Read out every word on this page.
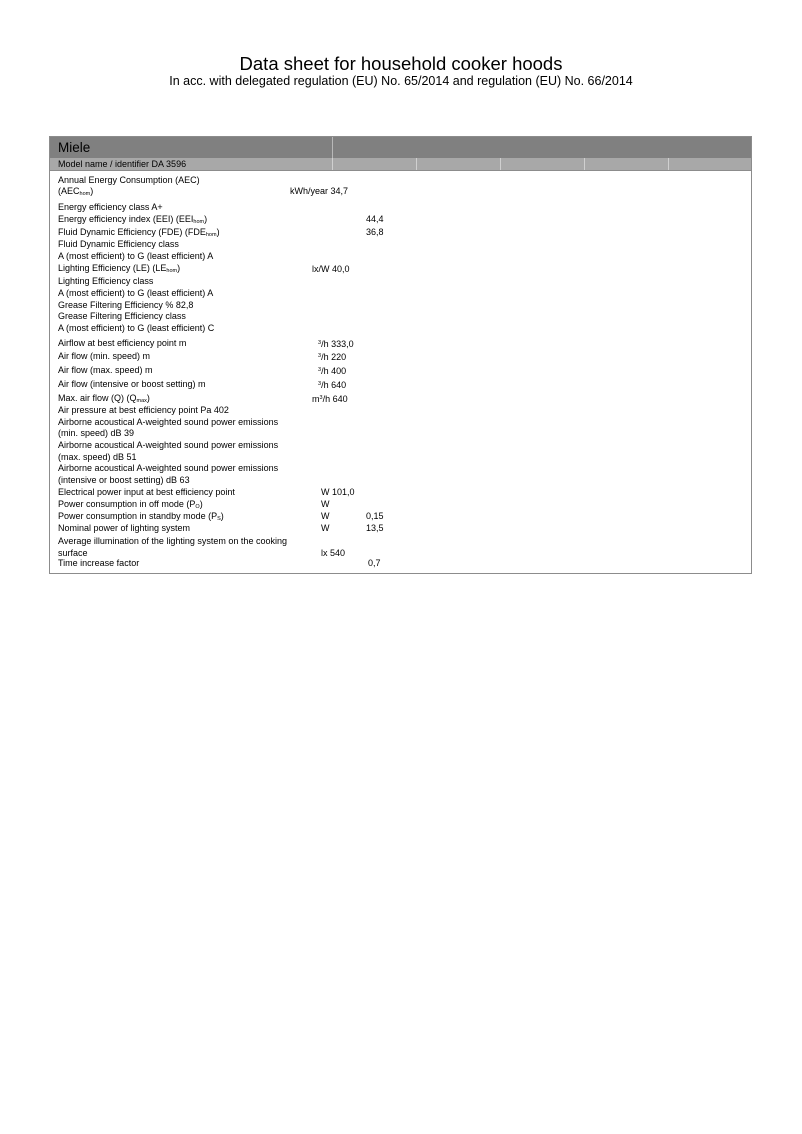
Data sheet for household cooker hoods
In acc. with delegated regulation (EU) No. 65/2014 and regulation (EU) No. 66/2014
Miele
Model name / identifier DA 3596
Annual Energy Consumption (AEC)
$(AEC_{hom})$	kWh/year 34,7
Energy efficiency class A+
Energy efficiency index (EEI) $(EEI_{hom})$	44,4
Fluid Dynamic Efficiency (FDE) $(FDE_{hom})$	36,8
Fluid Dynamic Efficiency class
A (most efficient) to G (least efficient) A
Lighting Efficiency (LE) $(LE_{hom})$	lx/W 40,0
Lighting Efficiency class
A (most efficient) to G (least efficient) A
Grease Filtering Efficiency % 82,8
Grease Filtering Efficiency class
A (most efficient) to G (least efficient) C
Airflow at best efficiency point m	$^3$/h 333,0
Air flow (min. speed) m	$^3$/h 220
Air flow (max. speed) m	$^3$/h 400
Air flow (intensive or boost setting) m	$^3$/h 640
Max. air flow (Q) $(Q_{max})$	$m^3/h$ 640
Air pressure at best efficiency point Pa 402
Airborne acoustical A-weighted sound power emissions
(min. speed) dB 39
Airborne acoustical A-weighted sound power emissions
(max. speed) dB 51
Airborne acoustical A-weighted sound power emissions
(intensive or boost setting) dB 63
Electrical power input at best efficiency point	W 101,0
Power consumption in off mode $(P_O)$	W
Power consumption in standby mode $(P_S)$	W	0,15
Nominal power of lighting system	W	13,5
Average illumination of the lighting system on the cooking
surface	lx 540
Time increase factor	0,7
